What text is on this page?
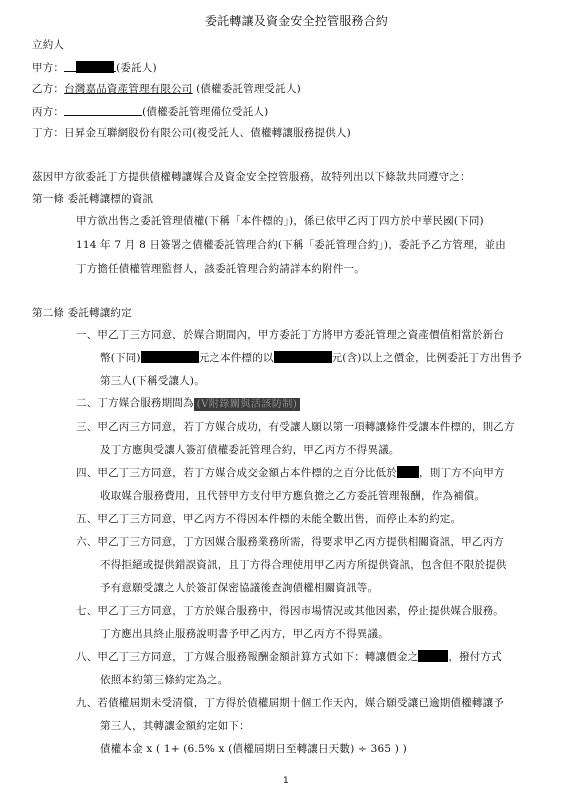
委託轉讓及資金安全控管服務合約
立約人
甲方：	(委託人)
乙方：台灣嘉品資產管理有限公司 (債權委託管理受託人)
丙方：	(債權委託管理備位受託人)
丁方：日昇金互聯網股份有限公司(複受託人、債權轉讓服務提供人)
茲因甲方欲委託丁方提供債權轉讓媒合及資金安全控管服務，故特列出以下條款共同遵守之：
第一條 委託轉讓標的資訊
甲方欲出售之委託管理債權(下稱「本件標的」)，係已依甲乙丙丁四方於中華民國(下同)
114 年 7 月 8 日簽署之債權委託管理合約(下稱「委託管理合約」)，委託予乙方管理，並由
丁方擔任債權管理監督人，該委託管理合約請詳本約附件一。
第二條 委託轉讓約定
一、甲乙丁三方同意，於媒合期間內，甲方委託丁方將甲方委託管理之資產價值相當於新台
幣(下同)	元之本件標的以	元(含)以上之價金，比例委託丁方出售予
第三人(下稱受讓人)。
二、丁方媒合服務期間為 (V附錄關與活該防制)
三、甲乙丙三方同意，若丁方媒合成功，有受讓人願以第一項轉讓條件受讓本件標的，則乙方
及丁方應與受讓人簽訂債權委託管理合約，甲乙丙方不得異議。
四、甲乙丁三方同意，若丁方媒合成交金額占本件標的之百分比低於 ，則丁方不向甲方
收取媒合服務費用，且代替甲方支付甲方應負擔之乙方委託管理報酬，作為補償。
五、甲乙丁三方同意，甲乙丙方不得因本件標的未能全數出售，而停止本約約定。
六、甲乙丁三方同意，丁方因媒合服務業務所需，得要求甲乙丙方提供相關資訊，甲乙丙方
不得拒絕或提供錯誤資訊，且丁方得合理使用甲乙丙方所提供資訊，包含但不限於提供
予有意願受讓之人於簽訂保密協議後查詢債權相關資訊等。
七、甲乙丁三方同意，丁方於媒合服務中，得因市場情況或其他因素，停止提供媒合服務。
丁方應出具終止服務說明書予甲乙丙方，甲乙丙方不得異議。
八、甲乙丁三方同意，丁方媒合服務報酬金額計算方式如下：轉讓價金之	，撥付方式
依照本約第三條約定為之。
九、若債權屆期未受清償，丁方得於債權屆期十個工作天內，媒合願受讓已逾期債權轉讓予
第三人，其轉讓金額約定如下：
債權本金 x ( 1+ (6.5% x (債權屆期日至轉讓日天數) ÷ 365 ) )
1
